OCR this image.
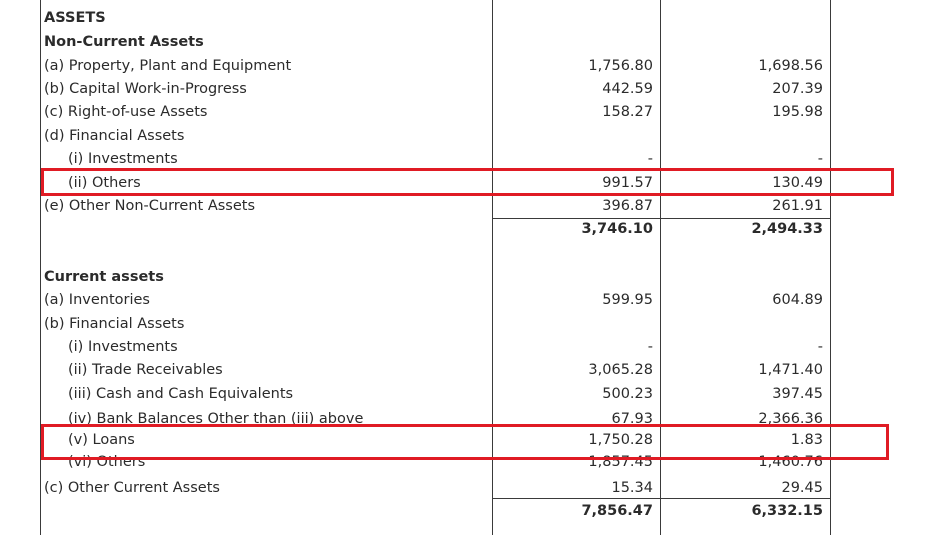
ASSETS
Non-Current Assets
(a) Property, Plant and Equipment	1,756.80	1,698.56
(b) Capital Work-in-Progress	442.59	207.39
(c) Right-of-use Assets	158.27	195.98
(d) Financial Assets
(i) Investments	-	-
(ii) Others	991.57	130.49
(e) Other Non-Current Assets	396.87	261.91
3,746.10	2,494.33
Current assets
(a) Inventories	599.95	604.89
(b) Financial Assets
(i) Investments	-	-
(ii) Trade Receivables	3,065.28	1,471.40
(iii) Cash and Cash Equivalents	500.23	397.45
(iv) Bank Balances Other than (iii) above	67.93	2,366.36
(v) Loans	1,750.28	1.83
(vi) Others	1,857.45	1,460.76
(c) Other Current Assets	15.34	29.45
7,856.47	6,332.15
